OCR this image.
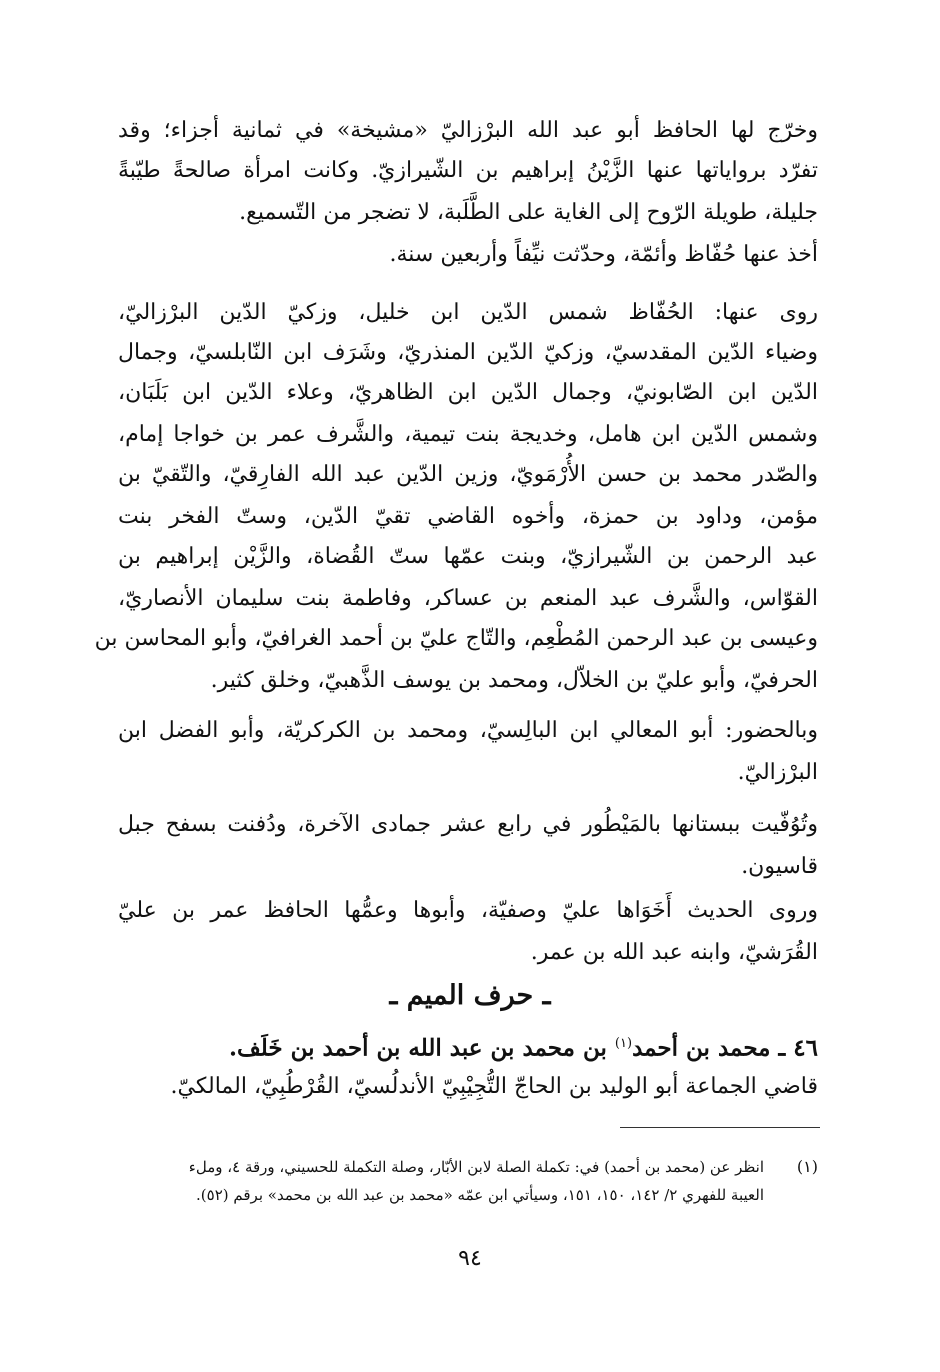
وخرّج لها الحافظ أبو عبد الله البرْزاليّ «مشيخة» في ثمانية أجزاء؛ وقد
تفرّد برواياتها عنها الزَّيْنُ إبراهيم بن الشّيرازيّ. وكانت امرأة صالحةً طيّبةً
جليلة، طويلة الرّوح إلى الغاية على الطَّلَبة، لا تضجر من التّسميع.
أخذ عنها حُفّاظ وأئمّة، وحدّثت نيِّفاً وأربعين سنة.
روى عنها: الحُفّاظ شمس الدّين ابن خليل، وزكيّ الدّين البرْزاليّ،
وضياء الدّين المقدسيّ، وزكيّ الدّين المنذريّ، وشَرَف ابن النّابلسيّ، وجمال
الدّين ابن الصّابونيّ، وجمال الدّين ابن الظاهريّ، وعلاء الدّين ابن بَلَبَان،
وشمس الدّين ابن هامل، وخديجة بنت تيمية، والشَّرف عمر بن خواجا إمام،
والصّدر محمد بن حسن الأُرْمَويّ، وزين الدّين عبد الله الفارِقيّ، والتّقيّ بن
مؤمن، وداود بن حمزة، وأخوه القاضي تقيّ الدّين، وستّ الفخر بنت
عبد الرحمن بن الشّيرازيّ، وبنت عمّها ستّ القُضاة، والزَّيْن إبراهيم بن
القوّاس، والشَّرف عبد المنعم بن عساكر، وفاطمة بنت سليمان الأنصاريّ،
وعيسى بن عبد الرحمن المُطْعِم، والتّاج عليّ بن أحمد الغرافيّ، وأبو المحاسن بن
الحرفيّ، وأبو عليّ بن الخلاّل، ومحمد بن يوسف الذَّهبيّ، وخلق كثير.
وبالحضور: أبو المعالي ابن البالِسيّ، ومحمد بن الكركريّة، وأبو الفضل ابن
البرْزاليّ.
وتُوُفّيت ببستانها بالمَيْطُور في رابع عشر جمادى الآخرة، ودُفنت بسفح جبل
قاسيون.
وروى الحديث أَخَوَاها عليّ وصفيّة، وأبوها وعمُّها الحافظ عمر بن عليّ
القُرَشيّ، وابنه عبد الله بن عمر.
ـ حرف الميم ـ
٤٦ ـ محمد بن أحمد$^{(١)}$ بن محمد بن عبد الله بن أحمد بن خَلَف.
قاضي الجماعة أبو الوليد بن الحاجّ التُّجِيْبِيّ الأندلُسيّ، القُرْطُبِيّ، المالكيّ.
(١)
انظر عن (محمد بن أحمد) في: تكملة الصلة لابن الأبّار، وصلة التكملة للحسيني، ورقة ٤، وملء
العيبة للفهري ٢/ ١٤٢، ١٥٠، ١٥١، وسيأتي ابن عمّه «محمد بن عبد الله بن محمد» برقم (٥٢).
٩٤
